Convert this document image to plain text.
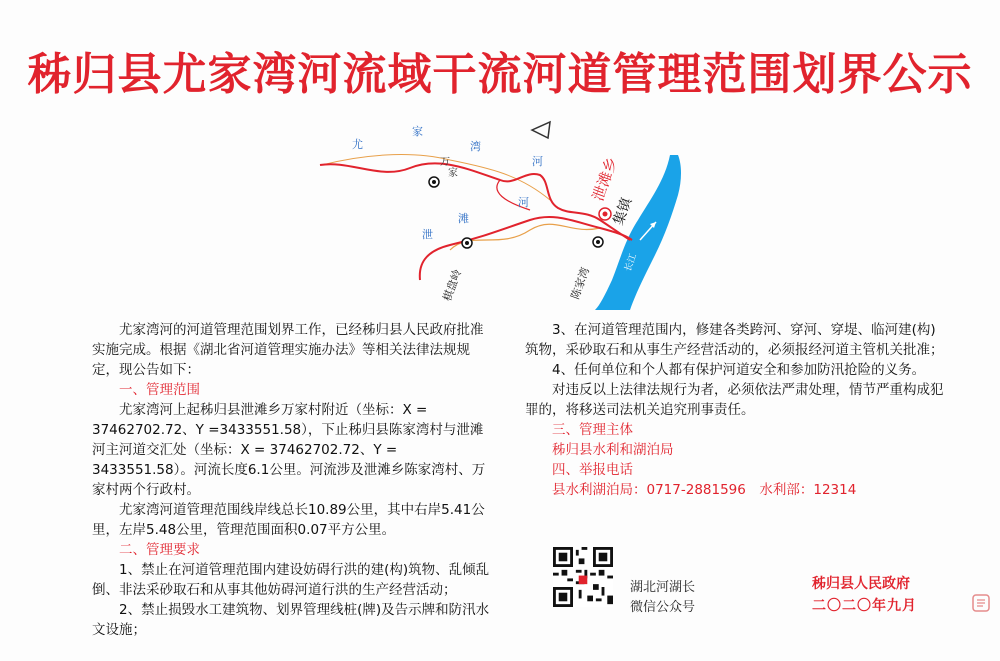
秭归县尤家湾河流域干流河道管理范围划界公示
尤
家
湾
河
泄
滩
河
万
家
棋盘岭	陈家湾
泄滩乡
集镇
长江

尤家湾河的河道管理范围划界工作，已经秭归县人民政府批准实施完成。根据《湖北省河道管理实施办法》等相关法律法规规定，现公告如下：

一、管理范围

尤家湾河上起秭归县泄滩乡万家村附近（坐标：X = 37462702.72、Y =3433551.58），下止秭归县陈家湾村与泄滩河主河道交汇处（坐标：X = 37462702.72、Y = 3433551.58）。河流长度6.1公里。河流涉及泄滩乡陈家湾村、万家村两个行政村。

尤家湾河道管理范围线岸线总长10.89公里，其中右岸5.41公里，左岸5.48公里，管理范围面积0.07平方公里。

二、管理要求

1、禁止在河道管理范围内建设妨碍行洪的建(构)筑物、乱倾乱倒、非法采砂取石和从事其他妨碍河道行洪的生产经营活动；

2、禁止损毁水工建筑物、划界管理线桩(牌)及告示牌和防汛水文设施；

3、在河道管理范围内，修建各类跨河、穿河、穿堤、临河建(构)筑物，采砂取石和从事生产经营活动的，必须报经河道主管机关批准；

4、任何单位和个人都有保护河道安全和参加防汛抢险的义务。

对违反以上法律法规行为者，必须依法严肃处理，情节严重构成犯罪的，将移送司法机关追究刑事责任。

三、管理主体

秭归县水利和湖泊局

四、举报电话

县水利湖泊局：0717-2881596　水利部：12314

湖北河湖长
微信公众号
秭归县人民政府
二〇二〇年九月
